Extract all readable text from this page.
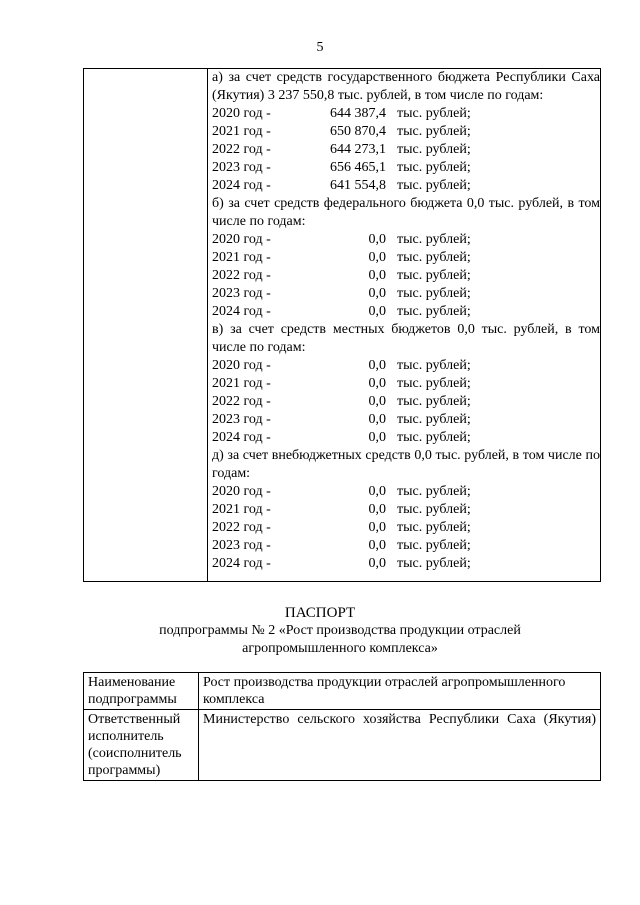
5
а) за счет средств государственного бюджета Республики Саха (Якутия) 3 237 550,8 тыс. рублей, в том числе по годам:
2020 год -	644 387,4 тыс. рублей;
2021 год -	650 870,4 тыс. рублей;
2022 год -	644 273,1 тыс. рублей;
2023 год -	656 465,1 тыс. рублей;
2024 год -	641 554,8 тыс. рублей;
б) за счет средств федерального бюджета 0,0 тыс. рублей, в том числе по годам:
2020 год -	0,0 тыс. рублей;
2021 год -	0,0 тыс. рублей;
2022 год -	0,0 тыс. рублей;
2023 год -	0,0 тыс. рублей;
2024 год -	0,0 тыс. рублей;
в) за счет средств местных бюджетов 0,0 тыс. рублей, в том числе по годам:
2020 год -	0,0 тыс. рублей;
2021 год -	0,0 тыс. рублей;
2022 год -	0,0 тыс. рублей;
2023 год -	0,0 тыс. рублей;
2024 год -	0,0 тыс. рублей;
д) за счет внебюджетных средств 0,0 тыс. рублей, в том числе по годам:
2020 год -	0,0 тыс. рублей;
2021 год -	0,0 тыс. рублей;
2022 год -	0,0 тыс. рублей;
2023 год -	0,0 тыс. рублей;
2024 год -	0,0 тыс. рублей;
ПАСПОРТ
подпрограммы № 2 «Рост производства продукции отраслей агропромышленного комплекса»
Наименование подпрограммы	Рост производства продукции отраслей агропромышленного комплекса
Ответственный исполнитель (соисполнитель программы)	Министерство сельского хозяйства Республики Саха (Якутия)
